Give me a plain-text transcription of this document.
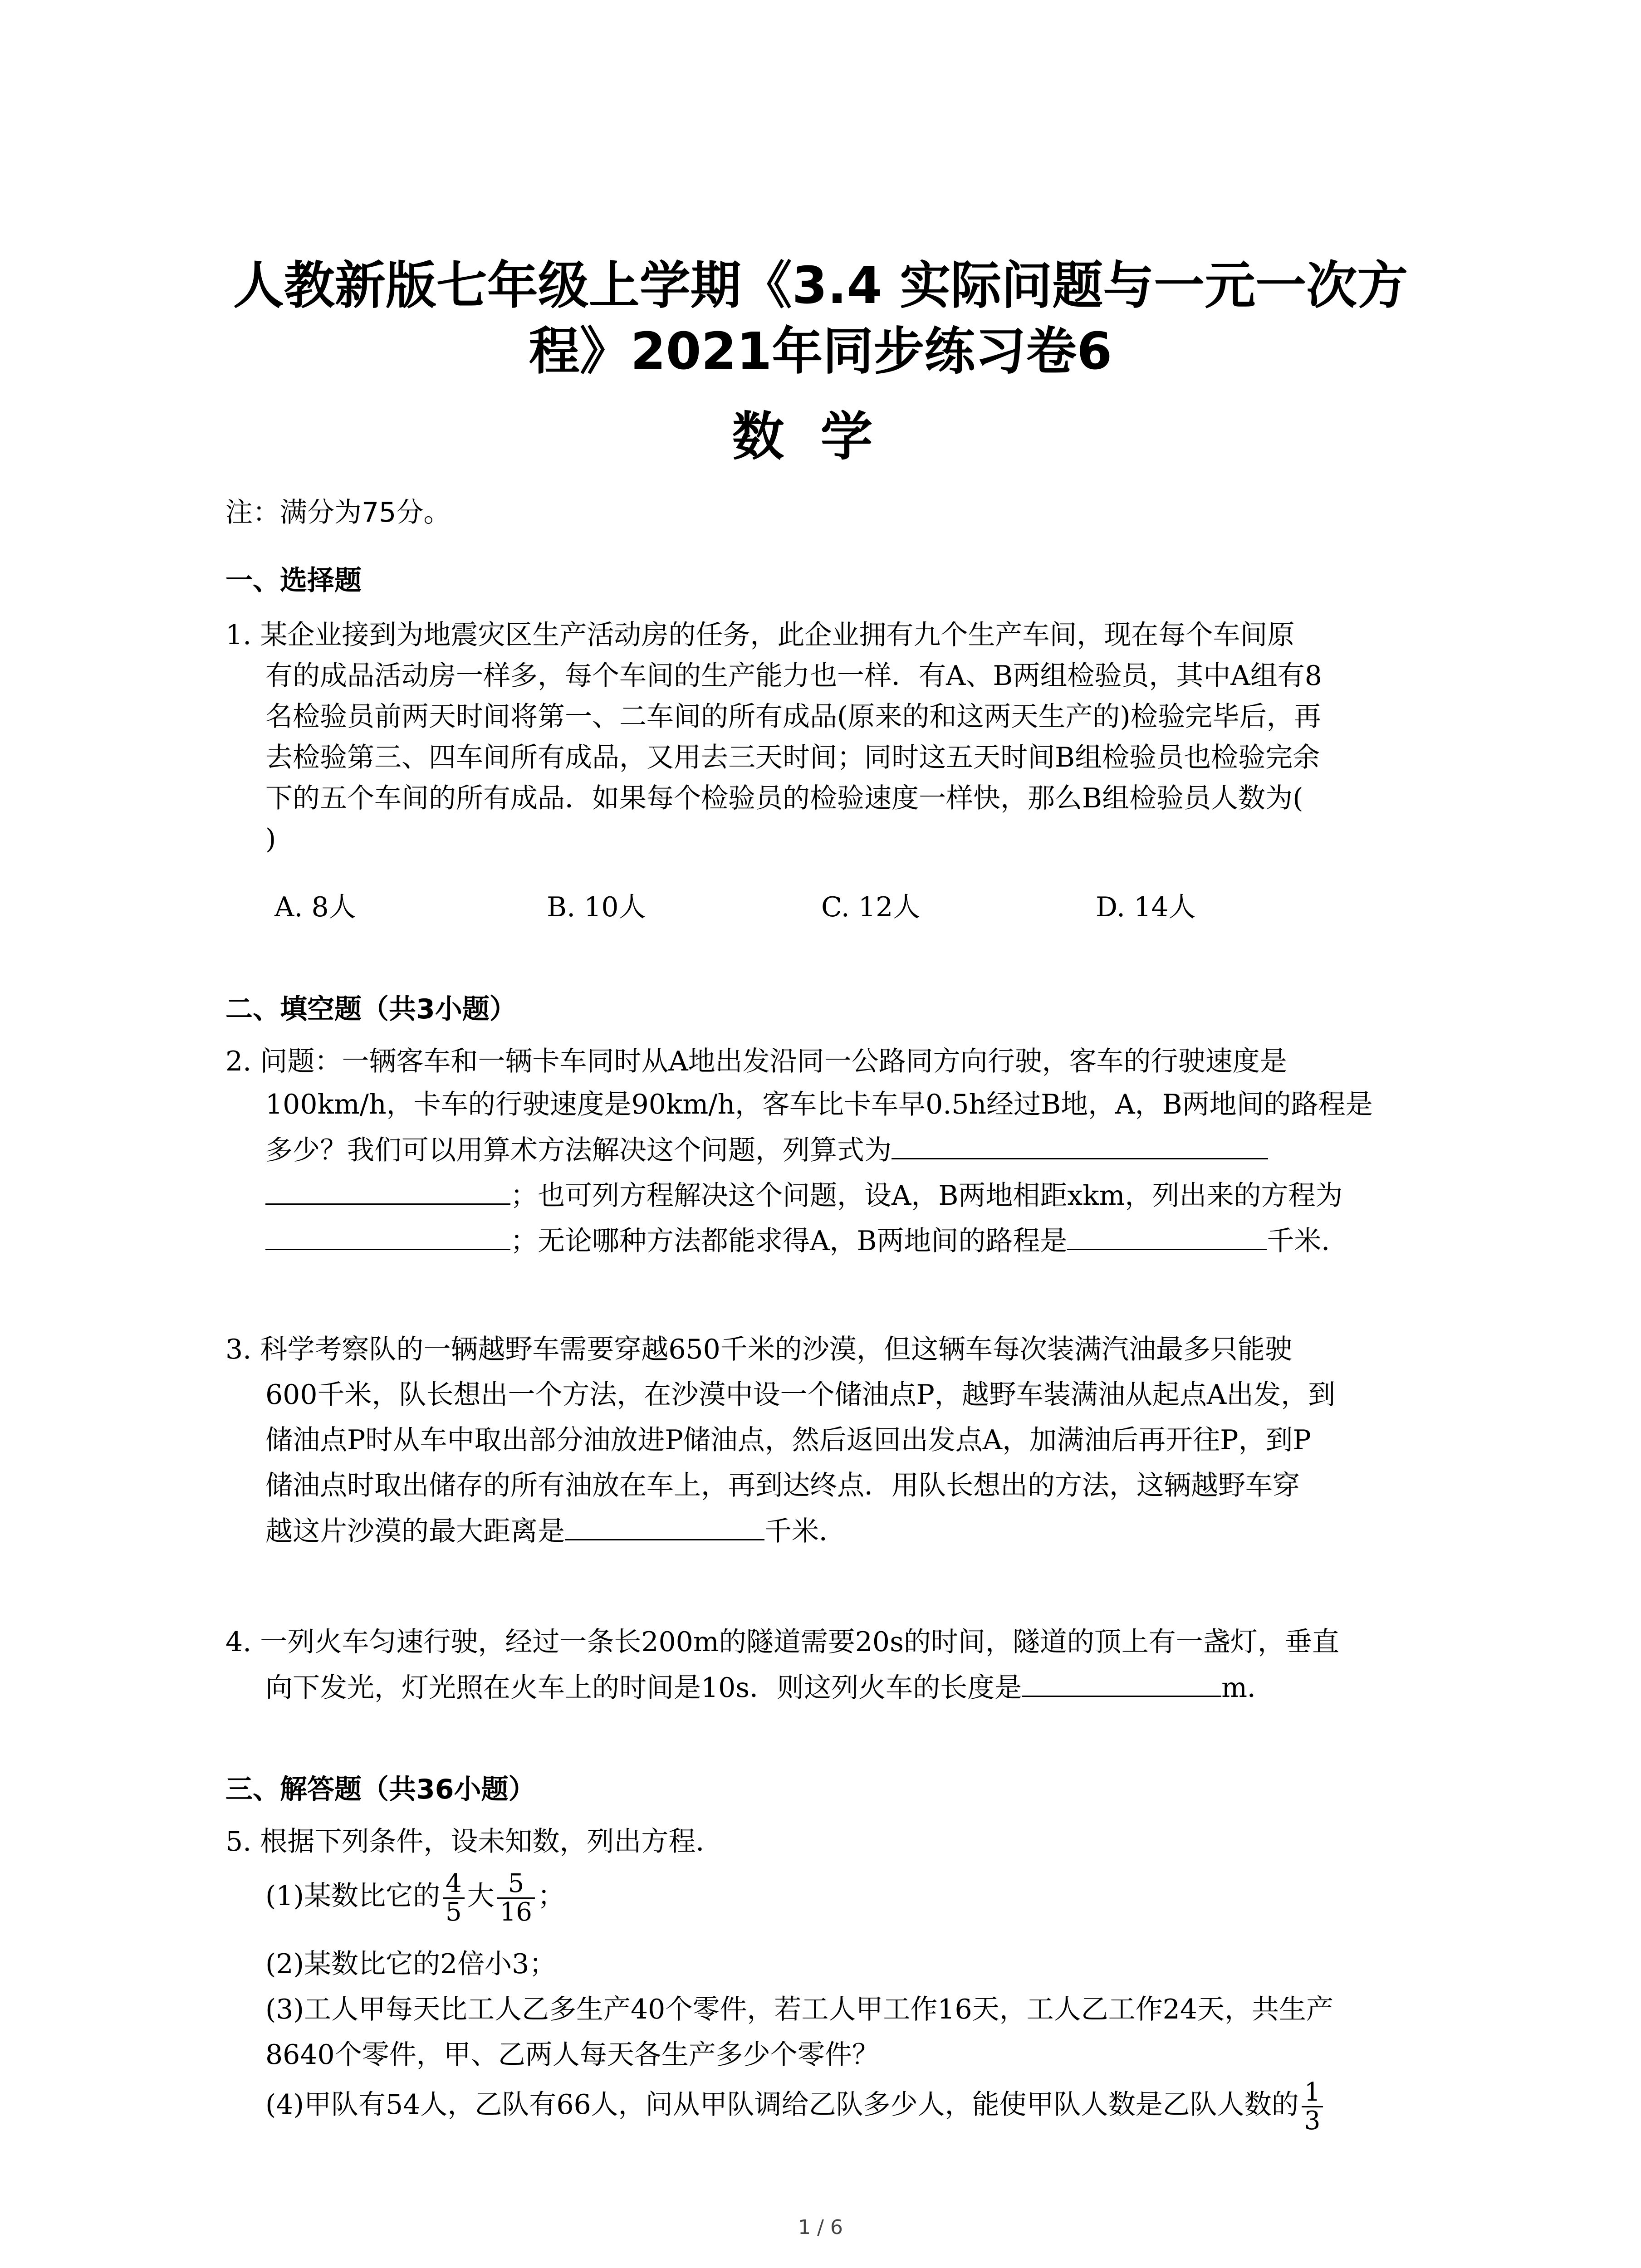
人教新版七年级上学期《3.4 实际问题与一元一次方
程》2021年同步练习卷6
数学
注：满分为75分。
一、选择题
1. 某企业接到为地震灾区生产活动房的任务，此企业拥有九个生产车间，现在每个车间原
有的成品活动房一样多，每个车间的生产能力也一样．有A、B两组检验员，其中A组有8
名检验员前两天时间将第一、二车间的所有成品(原来的和这两天生产的)检验完毕后，再
去检验第三、四车间所有成品，又用去三天时间；同时这五天时间B组检验员也检验完余
下的五个车间的所有成品．如果每个检验员的检验速度一样快，那么B组检验员人数为(
)
A. 8人	B. 10人	C. 12人	D. 14人
二、填空题（共3小题）
2. 问题：一辆客车和一辆卡车同时从A地出发沿同一公路同方向行驶，客车的行驶速度是
100km/h，卡车的行驶速度是90km/h，客车比卡车早0.5h经过B地，A，B两地间的路程是
多少？我们可以用算术方法解决这个问题，列算式为
；也可列方程解决这个问题，设A，B两地相距xkm，列出来的方程为
；无论哪种方法都能求得A，B两地间的路程是	千米．
3. 科学考察队的一辆越野车需要穿越650千米的沙漠，但这辆车每次装满汽油最多只能驶
600千米，队长想出一个方法，在沙漠中设一个储油点P，越野车装满油从起点A出发，到
储油点P时从车中取出部分油放进P储油点，然后返回出发点A，加满油后再开往P，到P
储油点时取出储存的所有油放在车上，再到达终点．用队长想出的方法，这辆越野车穿
越这片沙漠的最大距离是	千米．
4. 一列火车匀速行驶，经过一条长200m的隧道需要20s的时间，隧道的顶上有一盏灯，垂直
向下发光，灯光照在火车上的时间是10s．则这列火车的长度是	m．
三、解答题（共36小题）
5. 根据下列条件，设未知数，列出方程．
(1)某数比它的 $\frac{4}{5}$ 大 $\frac{5}{16}$ ；
(2)某数比它的2倍小3；
(3)工人甲每天比工人乙多生产40个零件，若工人甲工作16天，工人乙工作24天，共生产
8640个零件，甲、乙两人每天各生产多少个零件？
(4)甲队有54人，乙队有66人，问从甲队调给乙队多少人，能使甲队人数是乙队人数的 $\frac{1}{3}$
1 / 6
